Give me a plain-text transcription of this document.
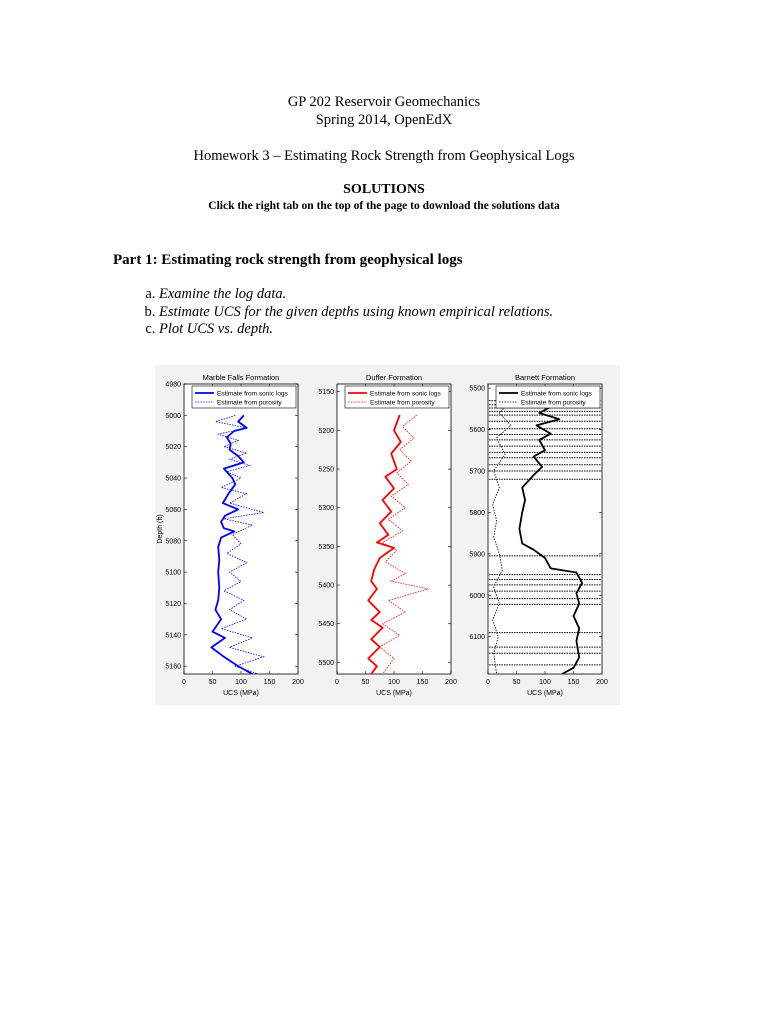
GP 202 Reservoir Geomechanics
Spring 2014, OpenEdX
Homework 3 – Estimating Rock Strength from Geophysical Logs
SOLUTIONS
Click the right tab on the top of the page to download the solutions data
Part 1: Estimating rock strength from geophysical logs
a. Examine the log data.
b. Estimate UCS for the given depths using known empirical relations.
c. Plot UCS vs. depth.
Marble Falls Formation
0	50	100 150 200
UCS (MPa)
4980
5000
5020
5040
5060
5080
5100
5120
5140
5160
Depth (ft)
Estimate from sonic logs
Estimate from porosity
Duffer Formation
0	50	100 150 200
UCS (MPa)
5150
5200
5250
5300
5350
5400
5450
5500
Estimate from sonic logs
Estimate from porosity
Barnett Formation
0	50	100 150 200
UCS (MPa)
5500
5600
5700
5800
5900
6000
6100
Estimate from sonic logs
Estimate from porosity
